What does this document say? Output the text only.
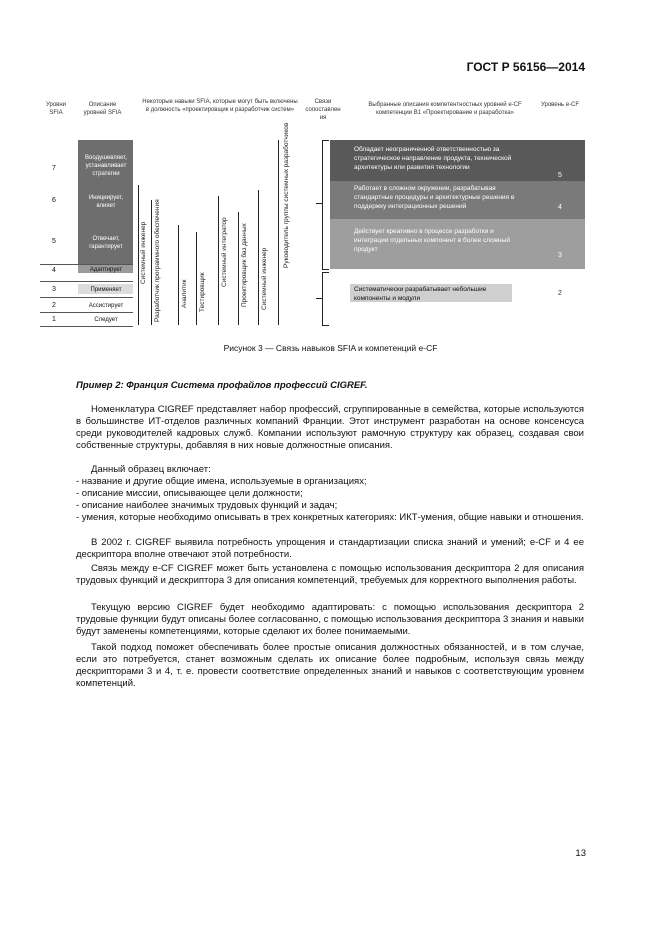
ГОСТ Р 56156—2014
Уровни SFIA
Описание уровней SFIA
Некоторые навыки SFIA, которые могут быть включены в должность «проектировщик и разработчик систем»
Связи сопоставлен ия
Выбранные описания компетентностных уровней e-CF компетенции B1 «Проектирование и разработка»
Уровень e-CF
7
6
5
4
3
2
1
Воодушевляет, устанавливает стратегии
Инициирует, влияет
Отвечает, гарантирует
Адаптирует
Применяет
Ассистирует
Следует
Системный инженер Разработчик программного обеспечения	Аналитик Тестировщик
Системный интегратор Проектировщик баз данных Системный инженер
Руководитель группы системных разработчиков	Обладает неограниченной ответственностью за стратегическое направление продукта, технической архитектуры или развития технологии
Работает в сложном окружении, разрабатывая стандартные процедуры и архитектурные решения в поддержку интеграционных решений
Действует креативно в процессе разработки и интеграции отдельных компонент в более сложный продукт
Систематически разрабатывает небольшие компоненты и модули
5
4
3
2
Рисунок 3 — Связь навыков SFIA и компетенций e-CF
Пример 2: Франция Система профайлов профессий CIGREF.
Номенклатура CIGREF представляет набор профессий, сгруппированные в семейства, которые используются в большинстве ИТ-отделов различных компаний Франции. Этот инструмент разработан на основе консенсуса среди руководителей кадровых служб. Компании используют рамочную структуру как образец, создавая свои собственные структуры, добавляя в них новые должностные описания.
Данный образец включает:
- название и другие общие имена, используемые в организациях;
- описание миссии, описывающее цели должности;
- описание наиболее значимых трудовых функций и задач;
- умения, которые необходимо описывать в трех конкретных категориях: ИКТ-умения, общие навыки и отношения.
В 2002 г. CIGREF выявила потребность упрощения и стандартизации списка знаний и умений; e-CF и 4 ее дескриптора вполне отвечают этой потребности.
Связь между e-CF CIGREF может быть установлена с помощью использования дескриптора 2 для описания трудовых функций и дескриптора 3 для описания компетенций, требуемых для корректного выполнения работы.
Текущую версию CIGREF будет необходимо адаптировать: с помощью использования дескриптора 2 трудовые функции будут описаны более согласованно, с помощью использования дескриптора 3 знания и навыки будут заменены компетенциями, которые сделают их более понимаемыми.
Такой подход поможет обеспечивать более простые описания должностных обязанностей, и в том случае, если это потребуется, станет возможным сделать их описание более подробным, используя связь между дескрипторами 3 и 4, т. е. провести соответствие определенных знаний и навыков с соответствующим уровнем компетенций.
13
